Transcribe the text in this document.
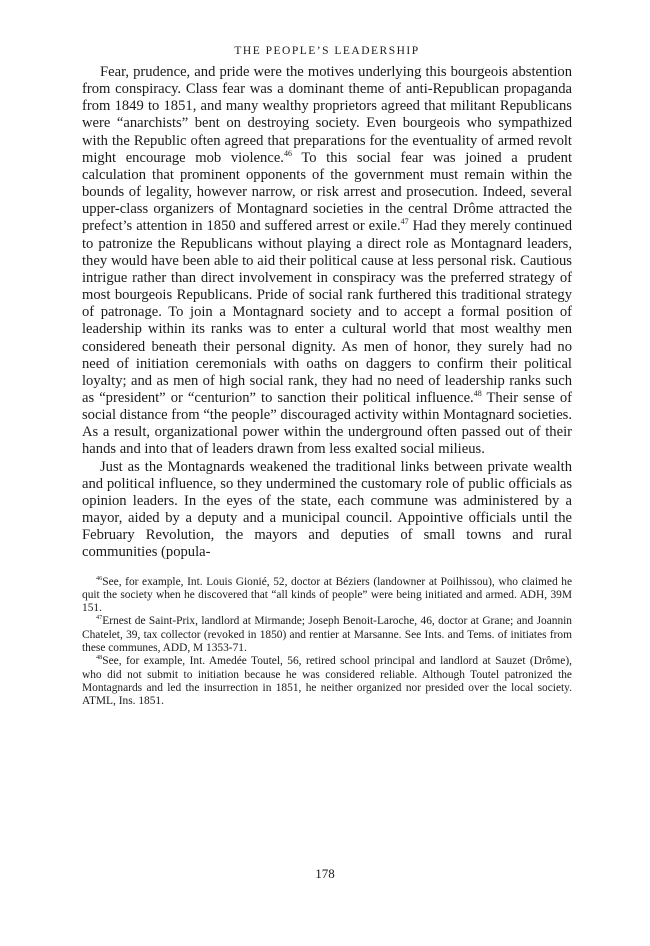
THE PEOPLE’S LEADERSHIP

Fear, prudence, and pride were the motives underlying this bourgeois abstention from conspiracy. Class fear was a dominant theme of anti-Republican propaganda from 1849 to 1851, and many wealthy proprietors agreed that militant Republicans were “anarchists” bent on destroying society. Even bourgeois who sympathized with the Republic often agreed that preparations for the eventuality of armed revolt might encourage mob violence.$^{46}$ To this social fear was joined a prudent calculation that prominent opponents of the government must remain within the bounds of legality, however narrow, or risk arrest and prosecution. Indeed, several upper-class organizers of Montagnard societies in the central Drôme attracted the prefect’s attention in 1850 and suffered arrest or exile.$^{47}$ Had they merely continued to patronize the Republicans without playing a direct role as Montagnard leaders, they would have been able to aid their political cause at less personal risk. Cautious intrigue rather than direct involvement in conspiracy was the preferred strategy of most bourgeois Republicans. Pride of social rank furthered this traditional strategy of patronage. To join a Montagnard society and to accept a formal position of leadership within its ranks was to enter a cultural world that most wealthy men considered beneath their personal dignity. As men of honor, they surely had no need of initiation ceremonials with oaths on daggers to confirm their political loyalty; and as men of high social rank, they had no need of leadership ranks such as “president” or “centurion” to sanction their political influence.$^{48}$ Their sense of social distance from “the people” discouraged activity within Montagnard societies. As a result, organizational power within the underground often passed out of their hands and into that of leaders drawn from less exalted social milieus.

Just as the Montagnards weakened the traditional links between private wealth and political influence, so they undermined the customary role of public officials as opinion leaders. In the eyes of the state, each commune was administered by a mayor, aided by a deputy and a municipal council. Appointive officials until the February Revolution, the mayors and deputies of small towns and rural communities (popula-

$^{46}$See, for example, Int. Louis Gionié, 52, doctor at Béziers (landowner at Poilhissou), who claimed he quit the society when he discovered that “all kinds of people” were being initiated and armed. ADH, 39M 151.

$^{47}$Ernest de Saint-Prix, landlord at Mirmande; Joseph Benoit-Laroche, 46, doctor at Grane; and Joannin Chatelet, 39, tax collector (revoked in 1850) and rentier at Marsanne. See Ints. and Tems. of initiates from these communes, ADD, M 1353-71.

$^{48}$See, for example, Int. Amedée Toutel, 56, retired school principal and landlord at Sauzet (Drôme), who did not submit to initiation because he was considered reliable. Although Toutel patronized the Montagnards and led the insurrection in 1851, he neither organized nor presided over the local society. ATML, Ins. 1851.

178
